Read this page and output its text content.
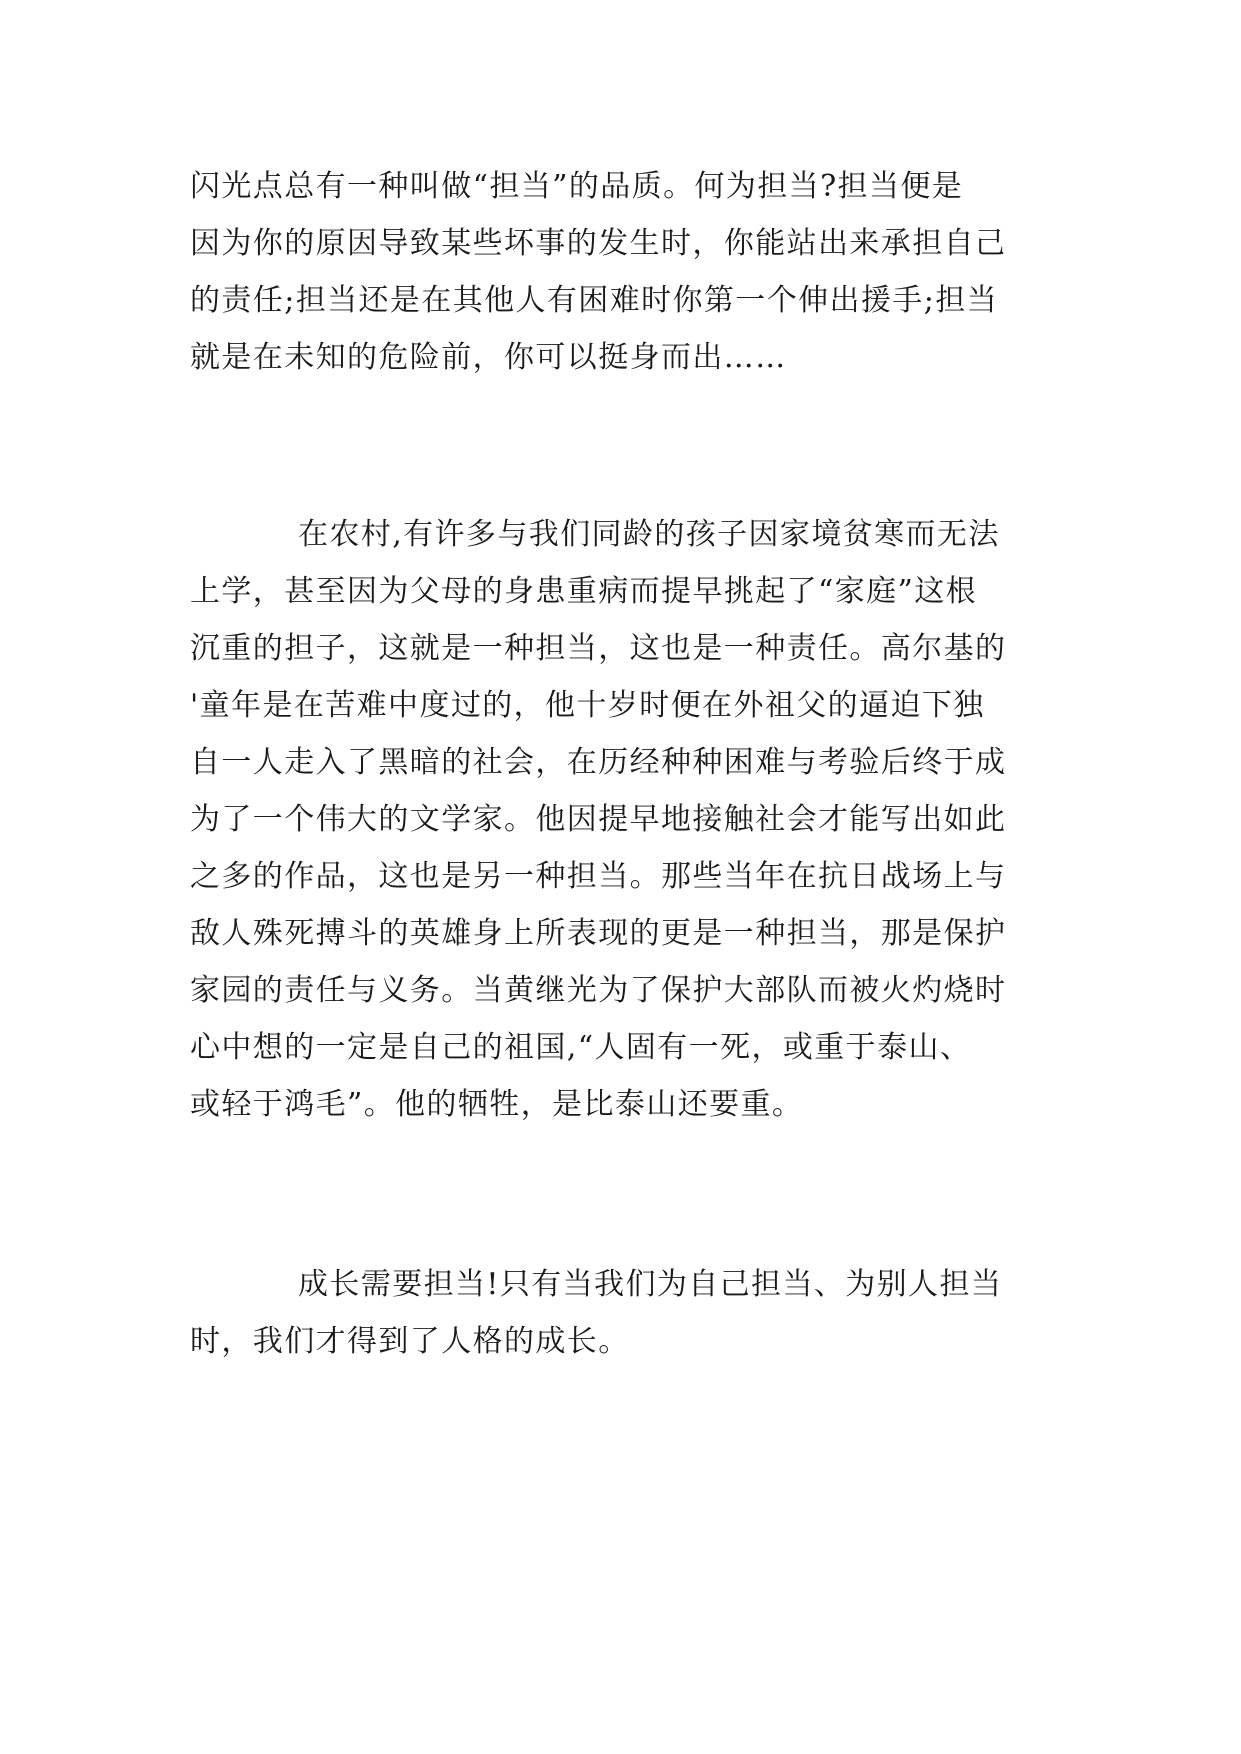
闪光点总有一种叫做“担当”的品质。何为担当?担当便是
因为你的原因导致某些坏事的发生时，你能站出来承担自己
的责任;担当还是在其他人有困难时你第一个伸出援手;担当
就是在未知的危险前，你可以挺身而出……
在农村,有许多与我们同龄的孩子因家境贫寒而无法
上学，甚至因为父母的身患重病而提早挑起了“家庭”这根
沉重的担子，这就是一种担当，这也是一种责任。高尔基的
'童年是在苦难中度过的，他十岁时便在外祖父的逼迫下独
自一人走入了黑暗的社会，在历经种种困难与考验后终于成
为了一个伟大的文学家。他因提早地接触社会才能写出如此
之多的作品，这也是另一种担当。那些当年在抗日战场上与
敌人殊死搏斗的英雄身上所表现的更是一种担当，那是保护
家园的责任与义务。当黄继光为了保护大部队而被火灼烧时
心中想的一定是自己的祖国,“人固有一死，或重于泰山、
或轻于鸿毛”。他的牺牲，是比泰山还要重。
成长需要担当!只有当我们为自己担当、为别人担当
时，我们才得到了人格的成长。
